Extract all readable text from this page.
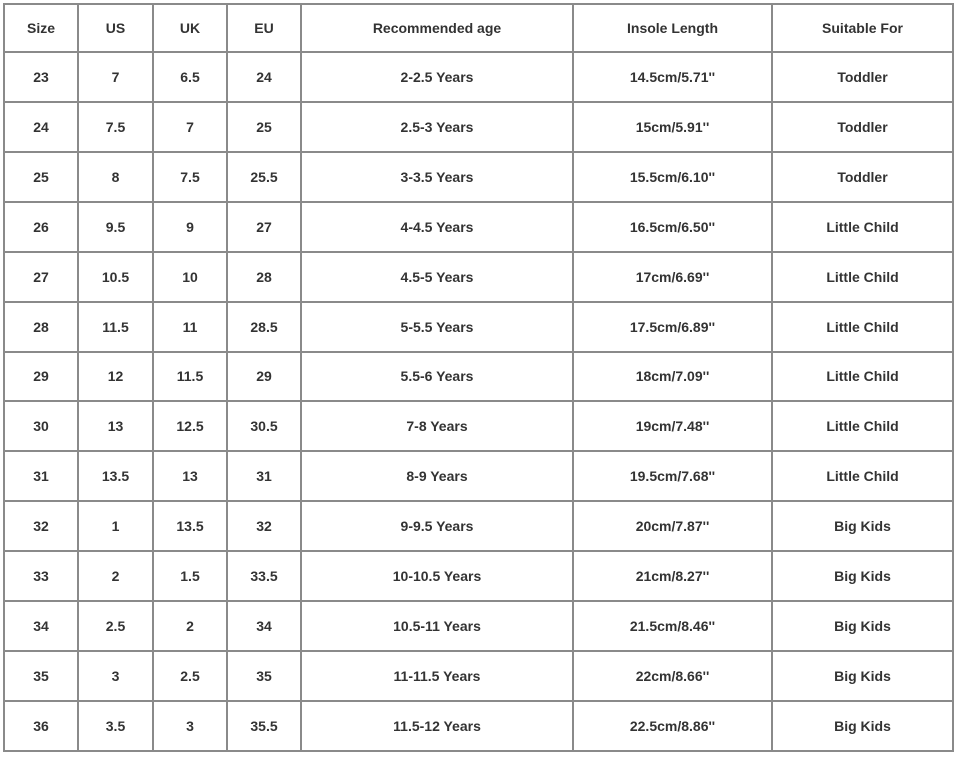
Size	US	UK	EU	Recommended age	Insole Length	Suitable For
23	7	6.5	24	2-2.5 Years	14.5cm/5.71''	Toddler
24	7.5	7	25	2.5-3 Years	15cm/5.91''	Toddler
25	8	7.5	25.5	3-3.5 Years	15.5cm/6.10''	Toddler
26	9.5	9	27	4-4.5 Years	16.5cm/6.50''	Little Child
27	10.5	10	28	4.5-5 Years	17cm/6.69''	Little Child
28	11.5	11	28.5	5-5.5 Years	17.5cm/6.89''	Little Child
29	12	11.5	29	5.5-6 Years	18cm/7.09''	Little Child
30	13	12.5	30.5	7-8 Years	19cm/7.48''	Little Child
31	13.5	13	31	8-9 Years	19.5cm/7.68''	Little Child
32	1	13.5	32	9-9.5 Years	20cm/7.87''	Big Kids
33	2	1.5	33.5	10-10.5 Years	21cm/8.27''	Big Kids
34	2.5	2	34	10.5-11 Years	21.5cm/8.46''	Big Kids
35	3	2.5	35	11-11.5 Years	22cm/8.66''	Big Kids
36	3.5	3	35.5	11.5-12 Years	22.5cm/8.86''	Big Kids
